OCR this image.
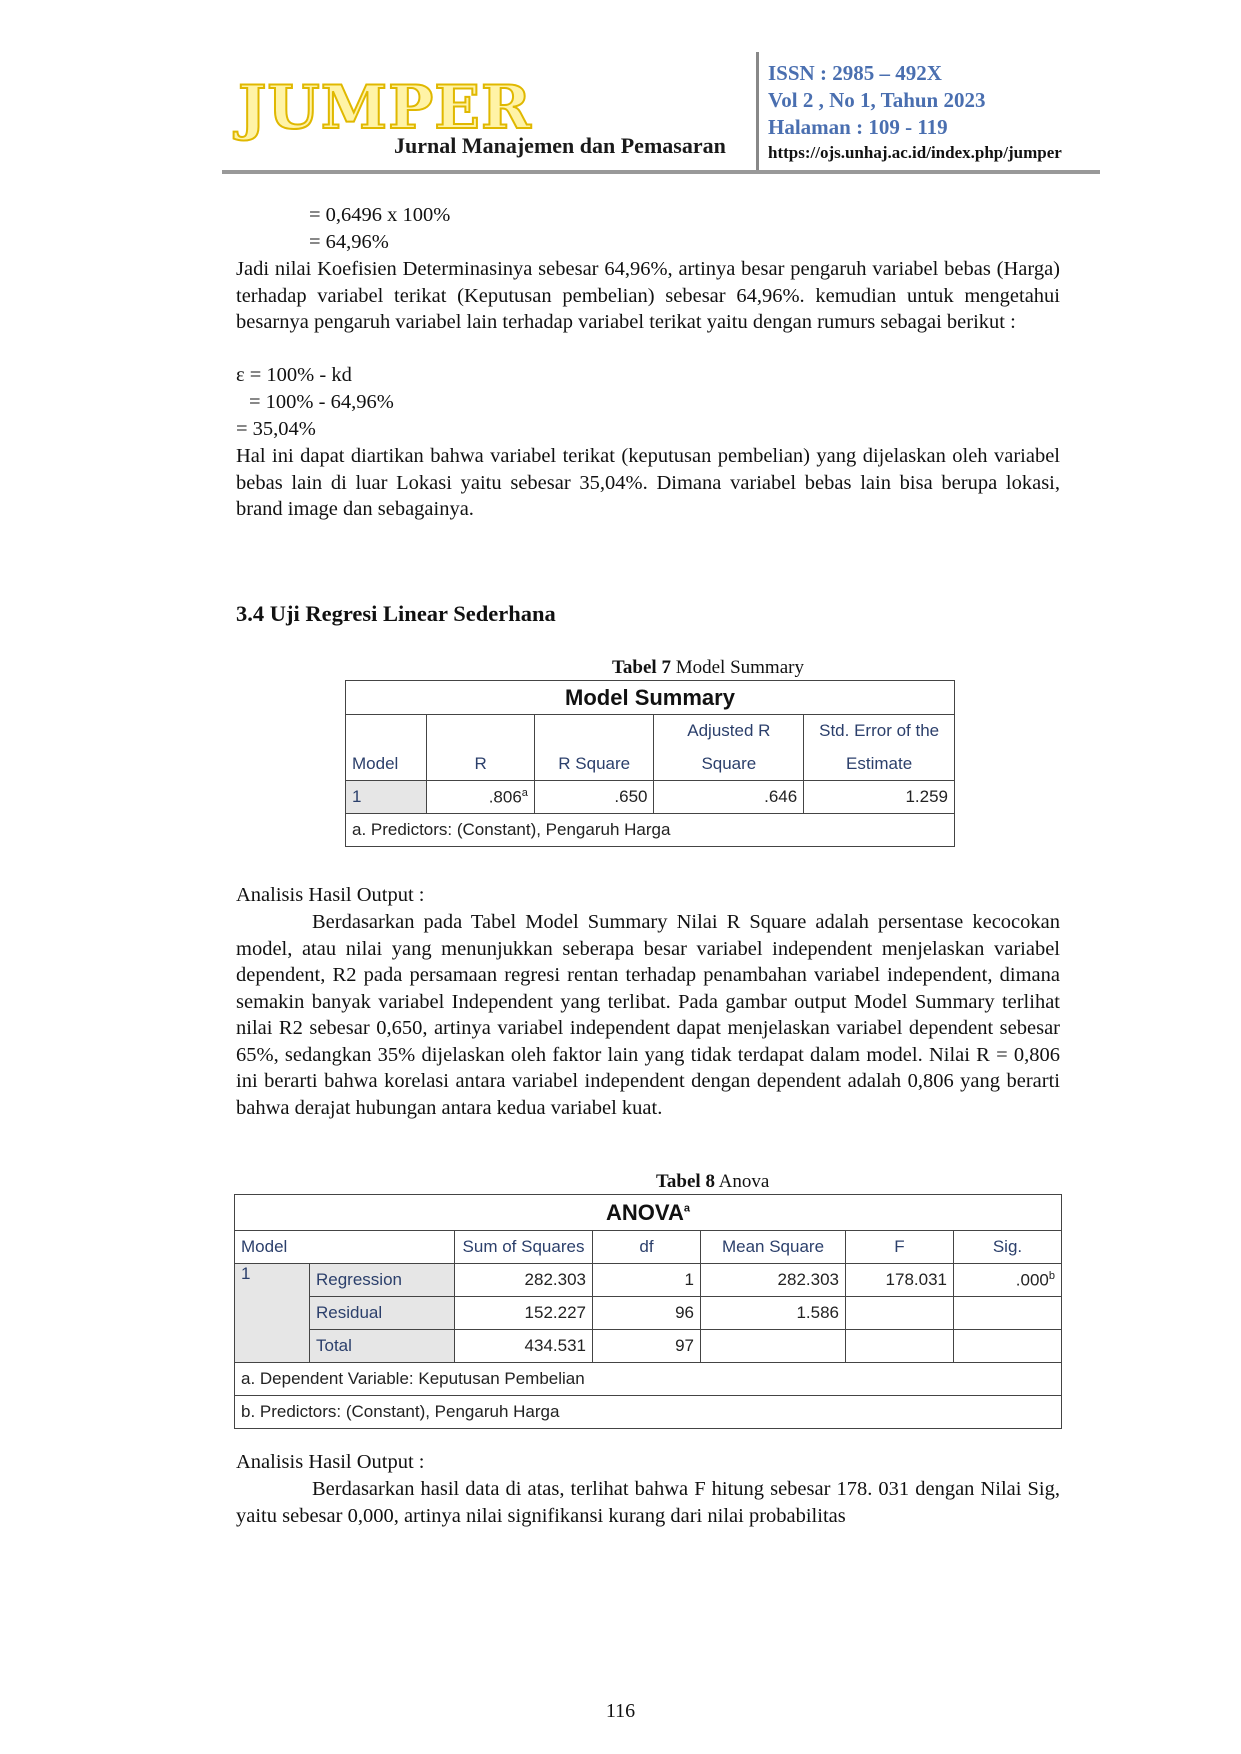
JUMPER
Jurnal Manajemen dan Pemasaran
ISSN : 2985 – 492X
Vol 2 , No 1, Tahun 2023
Halaman : 109 - 119
https://ojs.unhaj.ac.id/index.php/jumper
= 0,6496 x 100%
= 64,96%

Jadi nilai Koefisien Determinasinya sebesar 64,96%, artinya besar pengaruh variabel bebas (Harga) terhadap variabel terikat (Keputusan pembelian) sebesar 64,96%. kemudian untuk mengetahui besarnya pengaruh variabel lain terhadap variabel terikat yaitu dengan rumurs sebagai berikut :

ε = 100% - kd
= 100% - 64,96%
= 35,04%

Hal ini dapat diartikan bahwa variabel terikat (keputusan pembelian) yang dijelaskan oleh variabel bebas lain di luar Lokasi yaitu sebesar 35,04%. Dimana variabel bebas lain bisa berupa lokasi, brand image dan sebagainya.

3.4 Uji Regresi Linear Sederhana
Tabel 7 Model Summary
Model Summary				
			Adjusted R	Std. Error of the
Model	R	R Square	Square	Estimate
1	.806$^a$	.650	.646	1.259
a. Predictors: (Constant), Pengaruh Harga				
Analisis Hasil Output :

Berdasarkan pada Tabel Model Summary Nilai R Square adalah persentase kecocokan model, atau nilai yang menunjukkan seberapa besar variabel independent menjelaskan variabel dependent, R2 pada persamaan regresi rentan terhadap penambahan variabel independent, dimana semakin banyak variabel Independent yang terlibat. Pada gambar output Model Summary terlihat nilai R2 sebesar 0,650, artinya variabel independent dapat menjelaskan variabel dependent sebesar 65%, sedangkan 35% dijelaskan oleh faktor lain yang tidak terdapat dalam model. Nilai R = 0,806 ini berarti bahwa korelasi antara variabel independent dengan dependent adalah 0,806 yang berarti bahwa derajat hubungan antara kedua variabel kuat.

Tabel 8 Anova
ANOVA$^a$
Model		Sum of Squares	df	Mean Square	F	Sig.
1	Regression	282.303	1	282.303	178.031	.000$^b$
	Residual	152.227	96	1.586		
	Total	434.531	97			
a. Dependent Variable: Keputusan Pembelian						
b. Predictors: (Constant), Pengaruh Harga						
Analisis Hasil Output :

Berdasarkan hasil data di atas, terlihat bahwa F hitung sebesar 178. 031 dengan Nilai Sig, yaitu sebesar 0,000, artinya nilai signifikansi kurang dari nilai probabilitas

116
